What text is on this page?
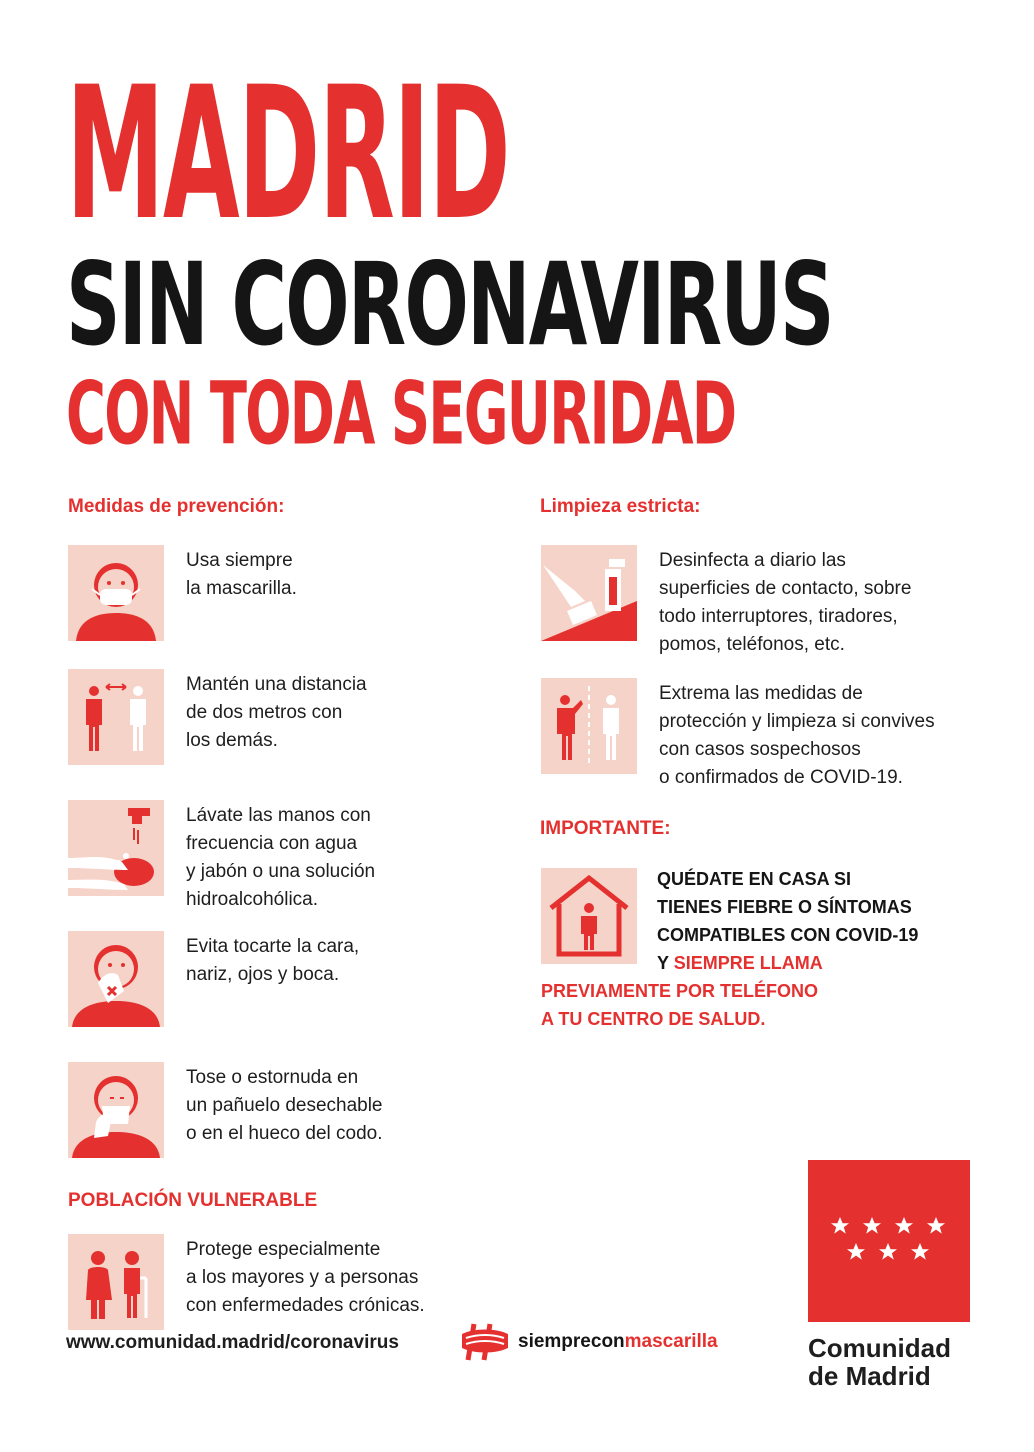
MADRID
SIN CORONAVIRUS
CON TODA SEGURIDAD
Medidas de prevención:
Usa siempre
la mascarilla.
Mantén una distancia
de dos metros con
los demás.
Lávate las manos con
frecuencia con agua
y jabón o una solución
hidroalcohólica.
Evita tocarte la cara,
nariz, ojos y boca.
Tose o estornuda en
un pañuelo desechable
o en el hueco del codo.
POBLACIÓN VULNERABLE
Protege especialmente
a los mayores y a personas
con enfermedades crónicas.
Limpieza estricta:
Desinfecta a diario las
superficies de contacto, sobre
todo interruptores, tiradores,
pomos, teléfonos, etc.
Extrema las medidas de
protección y limpieza si convives
con casos sospechosos
o confirmados de COVID-19.
IMPORTANTE:
QUÉDATE EN CASA SI
TIENES FIEBRE O SÍNTOMAS
COMPATIBLES CON COVID-19
Y SIEMPRE LLAMA
PREVIAMENTE POR TELÉFONO
A TU CENTRO DE SALUD.
www.comunidad.madrid/coronavirus	siempreconmascarilla	Comunidad
de Madrid
